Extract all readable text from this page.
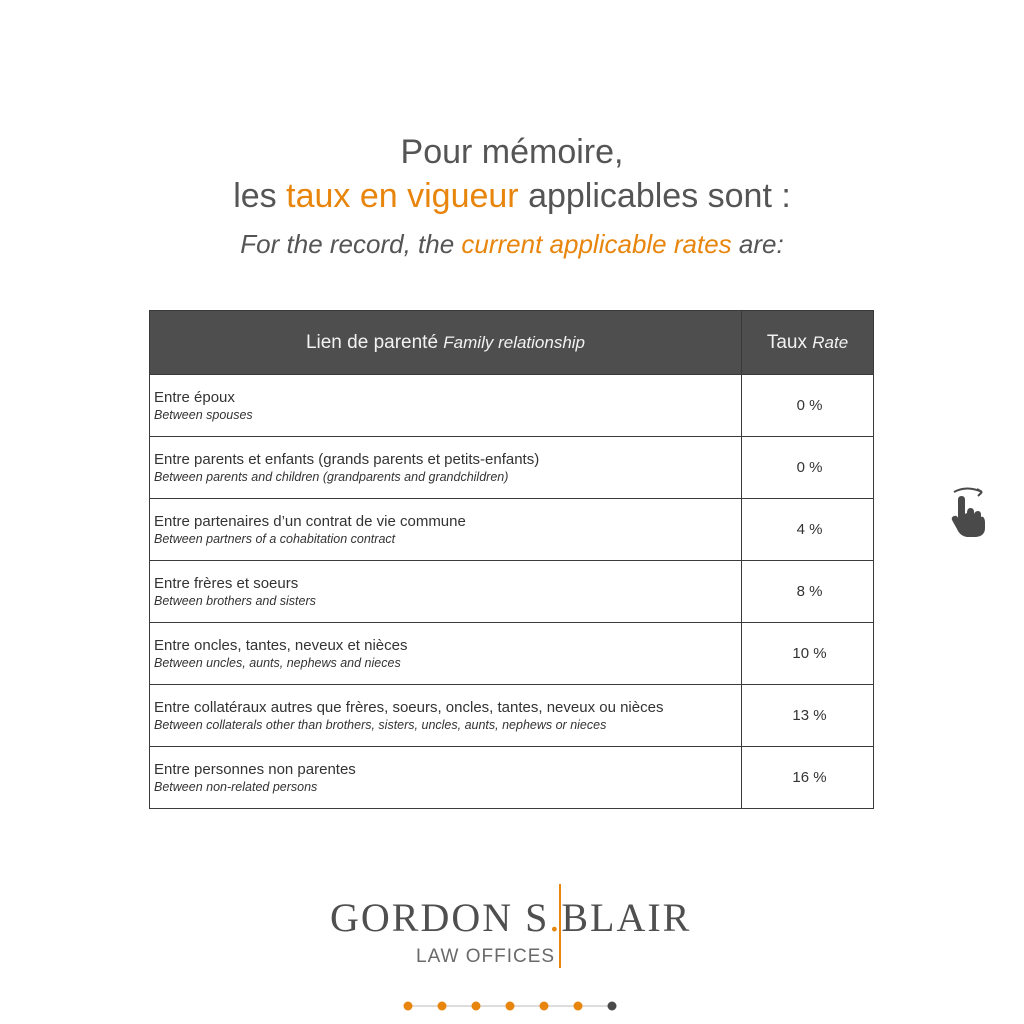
Pour mémoire,
les taux en vigueur applicables sont :
For the record, the current applicable rates are:
Lien de parenté Family relationship	Taux Rate

Entre époux
Between spouses	0 %

Entre parents et enfants (grands parents et petits-enfants)
Between parents and children (grandparents and grandchildren)	0 %

Entre partenaires d’un contrat de vie commune
Between partners of a cohabitation contract	4 %

Entre frères et soeurs
Between brothers and sisters	8 %

Entre oncles, tantes, neveux et nièces
Between uncles, aunts, nephews and nieces	10 %

Entre collatéraux autres que frères, soeurs, oncles, tantes, neveux ou nièces
Between collaterals other than brothers, sisters, uncles, aunts, nephews or nieces	13 %

Entre personnes non parentes
Between non-related persons	16 %
GORDON S.BLAIR
LAW OFFICES
